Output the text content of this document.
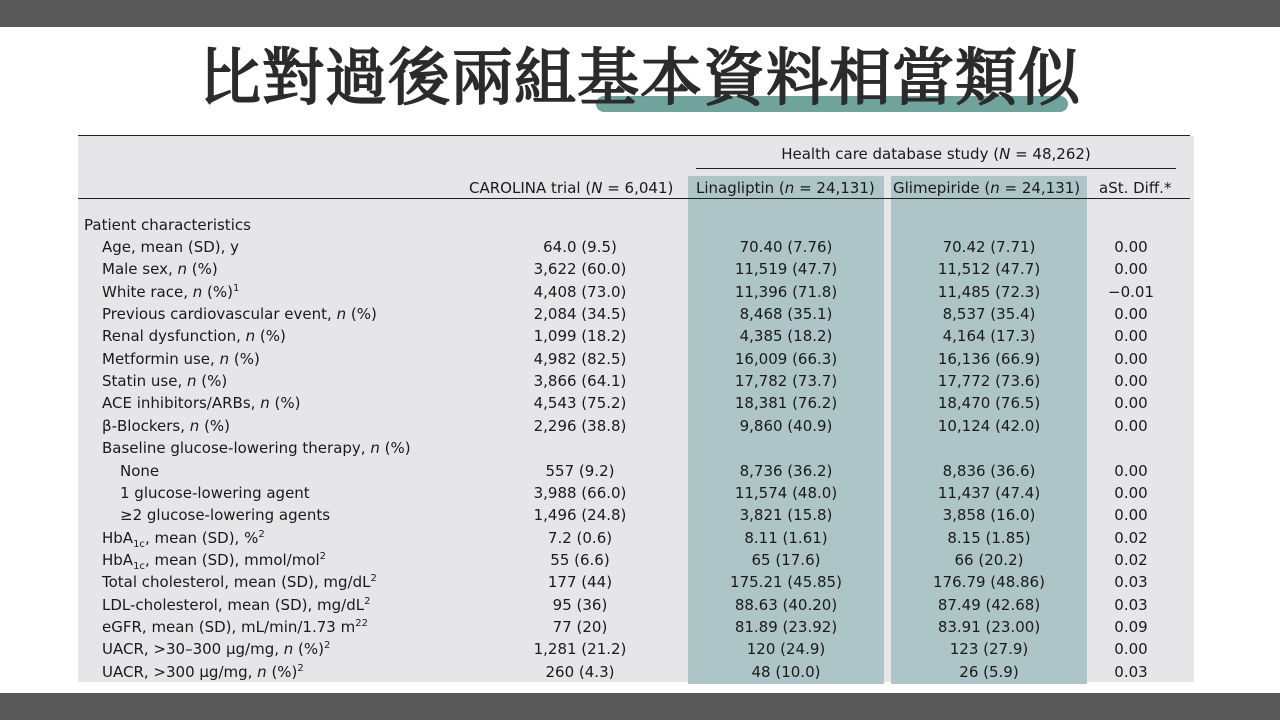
比對過後兩組基本資料相當類似
Health care database study (N = 48,262)
CAROLINA trial (N = 6,041) Linagliptin (n = 24,131) Glimepiride (n = 24,131) aSt. Diff.*
Patient characteristics
Age, mean (SD), y	64.0 (9.5)	70.40 (7.76)	70.42 (7.71)	0.00
Male sex, n (%)	3,622 (60.0)	11,519 (47.7)	11,512 (47.7)	0.00
White race, n (%)$^1$	4,408 (73.0)	11,396 (71.8)	11,485 (72.3)	−0.01
Previous cardiovascular event, n (%)	2,084 (34.5)	8,468 (35.1)	8,537 (35.4)	0.00
Renal dysfunction, n (%)	1,099 (18.2)	4,385 (18.2)	4,164 (17.3)	0.00
Metformin use, n (%)	4,982 (82.5)	16,009 (66.3)	16,136 (66.9)	0.00
Statin use, n (%)	3,866 (64.1)	17,782 (73.7)	17,772 (73.6)	0.00
ACE inhibitors/ARBs, n (%)	4,543 (75.2)	18,381 (76.2)	18,470 (76.5)	0.00
β-Blockers, n (%)	2,296 (38.8)	9,860 (40.9)	10,124 (42.0)	0.00
Baseline glucose-lowering therapy, n (%)
None	557 (9.2)	8,736 (36.2)	8,836 (36.6)	0.00
1 glucose-lowering agent	3,988 (66.0)	11,574 (48.0)	11,437 (47.4)	0.00
≥2 glucose-lowering agents	1,496 (24.8)	3,821 (15.8)	3,858 (16.0)	0.00
HbA$_{1c}$, mean (SD), %$^2$	7.2 (0.6)	8.11 (1.61)	8.15 (1.85)	0.02
HbA$_{1c}$, mean (SD), mmol/mol$^2$	55 (6.6)	65 (17.6)	66 (20.2)	0.02
Total cholesterol, mean (SD), $mg/dL^2$	177 (44)	175.21 (45.85)	176.79 (48.86)	0.03
LDL-cholesterol, mean (SD), $mg/dL^2$	95 (36)	88.63 (40.20)	87.49 (42.68)	0.03
eGFR, mean (SD), mL/min/1.73 $m^{22}$	77 (20)	81.89 (23.92)	83.91 (23.00)	0.09
UACR, >30–300 μg/mg, n (%)$^2$	1,281 (21.2)	120 (24.9)	123 (27.9)	0.00
UACR, >300 μg/mg, n (%)$^2$	260 (4.3)	48 (10.0)	26 (5.9)	0.03
